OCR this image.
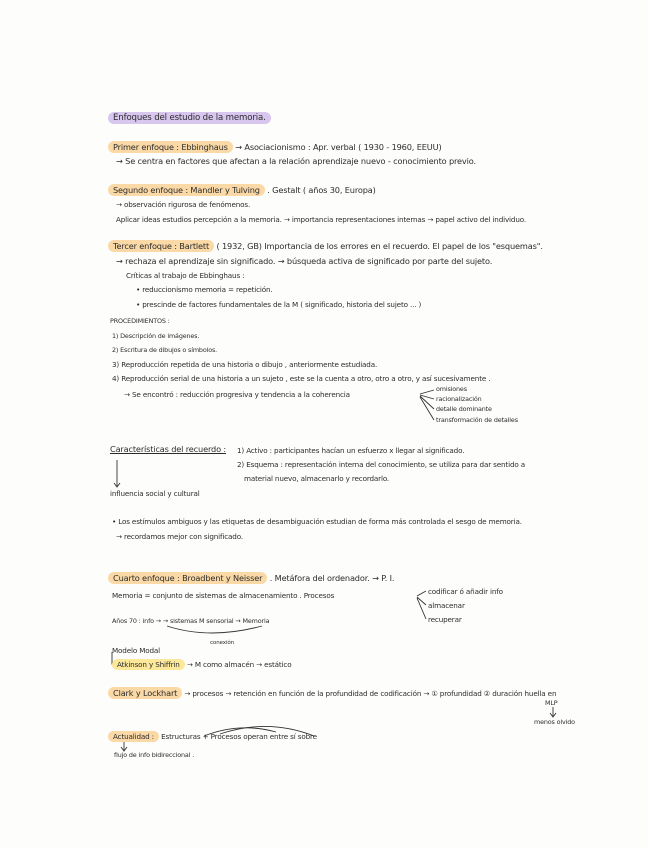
Enfoques del estudio de la memoria.
Primer enfoque : Ebbinghaus → Asociacionismo : Apr. verbal ( 1930 - 1960, EEUU)
→ Se centra en factores que afectan a la relación aprendizaje nuevo - conocimiento previo.
Segundo enfoque : Mandler y Tulving . Gestalt ( años 30, Europa)
→ observación rigurosa de fenómenos.
Aplicar ideas estudios percepción a la memoria. → importancia representaciones internas → papel activo del individuo.
Tercer enfoque : Bartlett ( 1932, GB) Importancia de los errores en el recuerdo. El papel de los "esquemas".
→ rechaza el aprendizaje sin significado. → búsqueda activa de significado por parte del sujeto.
Críticas al trabajo de Ebbinghaus :
• reduccionismo memoria = repetición.
• prescinde de factores fundamentales de la M ( significado, historia del sujeto ... )
PROCEDIMIENTOS :
1) Descripción de imágenes.
2) Escritura de dibujos o símbolos.
3) Reproducción repetida de una historia o dibujo , anteriormente estudiada.
4) Reproducción serial de una historia a un sujeto , este se la cuenta a otro, otro a otro, y así sucesivamente .
→ Se encontró : reducción progresiva y tendencia a la coherencia
omisiones
racionalización
detalle dominante
transformación de detalles
Características del recuerdo : 1) Activo : participantes hacían un esfuerzo x llegar al significado.
2) Esquema : representación interna del conocimiento, se utiliza para dar sentido a
material nuevo, almacenarlo y recordarlo.
influencia social y cultural
• Los estímulos ambiguos y las etiquetas de desambiguación estudian de forma más controlada el sesgo de memoria.
→ recordamos mejor con significado.
Cuarto enfoque : Broadbent y Neisser . Metáfora del ordenador. → P. I.
Memoria = conjunto de sistemas de almacenamiento . Procesos	codificar ó añadir info
almacenar
recuperar
Años 70 : info → → sistemas M sensorial → Memoria
conexión
Modelo Modal
Atkinson y Shiffrin → M como almacén → estático
Clark y Lockhart → procesos → retención en función de la profundidad de codificación → ① profundidad ② duración huella en
MLP
menos olvido
Actualidad : Estructuras + Procesos operan entre sí sobre
flujo de info bidireccional .
